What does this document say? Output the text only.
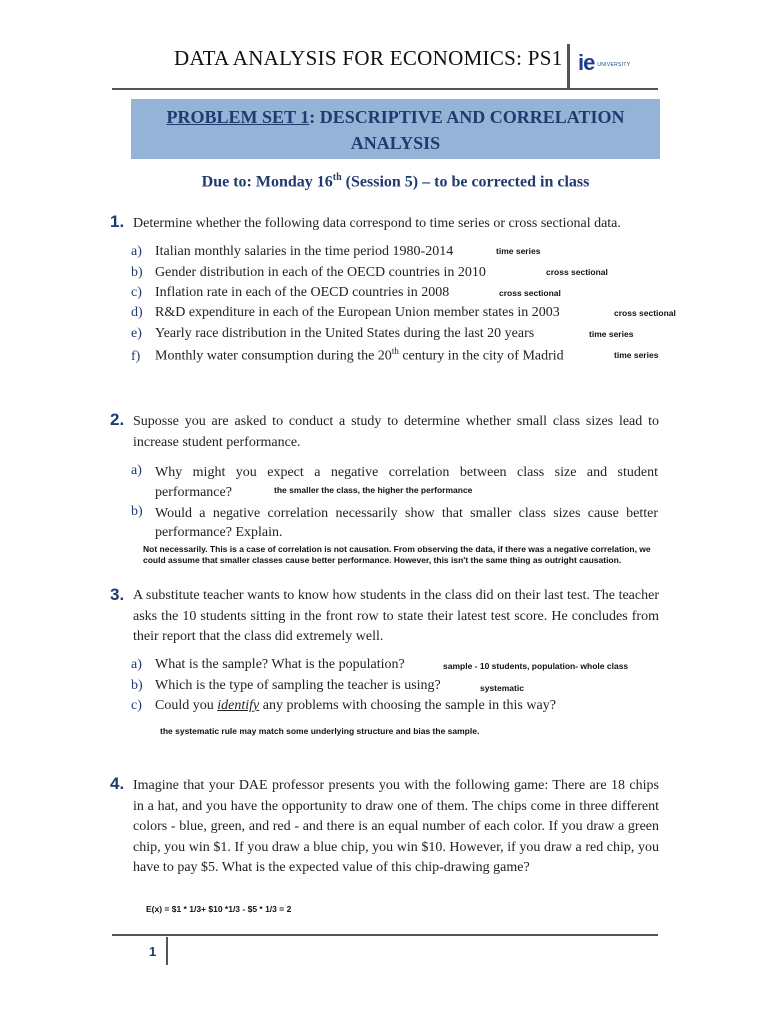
DATA ANALYSIS FOR ECONOMICS: PS1 ie UNIVERSITY
PROBLEM SET 1: DESCRIPTIVE AND CORRELATION
ANALYSIS
Due to: Monday 16th (Session 5) – to be corrected in class
1. Determine whether the following data correspond to time series or cross sectional data.
a) Italian monthly salaries in the time period 1980-2014	time series
b) Gender distribution in each of the OECD countries in 2010	cross sectional
c) Inflation rate in each of the OECD countries in 2008	cross sectional
d) R&D expenditure in each of the European Union member states in 2003	cross sectional
e) Yearly race distribution in the United States during the last 20 years	time series
f) Monthly water consumption during the 20th century in the city of Madrid	time series
2. Suposse you are asked to conduct a study to determine whether small class sizes lead to increase student performance.
a) Why might you expect a negative correlation between class size and student
performance?	the smaller the class, the higher the performance
b) Would a negative correlation necessarily show that smaller class sizes cause better
performance? Explain.
Not necessarily. This is a case of correlation is not causation. From observing the data, if there was a negative correlation, we could assume that smaller classes cause better performance. However, this isn't the same thing as outright causation.
3. A substitute teacher wants to know how students in the class did on their last test. The teacher asks the 10 students sitting in the front row to state their latest test score. He concludes from their report that the class did extremely well.
a) What is the sample? What is the population?	sample - 10 students, population- whole class
b) Which is the type of sampling the teacher is using?	systematic
c) Could you identify any problems with choosing the sample in this way?
the systematic rule may match some underlying structure and bias the sample.
4. Imagine that your DAE professor presents you with the following game: There are 18 chips in a hat, and you have the opportunity to draw one of them. The chips come in three different colors - blue, green, and red - and there is an equal number of each color. If you draw a green chip, you win $1. If you draw a blue chip, you win $10. However, if you draw a red chip, you have to pay $5. What is the expected value of this chip-drawing game?
E(x) = $1 * 1/3+ $10 *1/3 - $5 * 1/3 = 2
1
